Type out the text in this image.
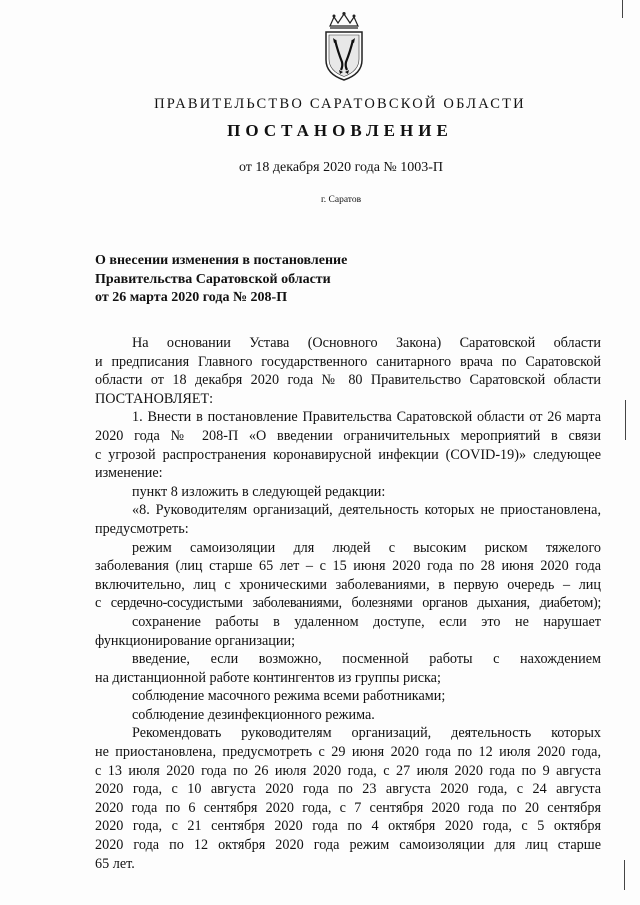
ПРАВИТЕЛЬСТВО САРАТОВСКОЙ ОБЛАСТИ
ПОСТАНОВЛЕНИЕ
от 18 декабря 2020 года № 1003-П
г. Саратов
О внесении изменения в постановление
Правительства Саратовской области
от 26 марта 2020 года № 208-П
На основании Устава (Основного Закона) Саратовской области
и предписания Главного государственного санитарного врача по Саратовской
области от 18 декабря 2020 года № 80 Правительство Саратовской области
ПОСТАНОВЛЯЕТ:
1. Внести в постановление Правительства Саратовской области от 26 марта
2020 года № 208-П «О введении ограничительных мероприятий в связи
с угрозой распространения коронавирусной инфекции (COVID-19)» следующее
изменение:
пункт 8 изложить в следующей редакции:
«8. Руководителям организаций, деятельность которых не приостановлена,
предусмотреть:
режим самоизоляции для людей с высоким риском тяжелого
заболевания (лиц старше 65 лет – с 15 июня 2020 года по 28 июня 2020 года
включительно, лиц с хроническими заболеваниями, в первую очередь – лиц
с сердечно-сосудистыми заболеваниями, болезнями органов дыхания, диабетом);
сохранение работы в удаленном доступе, если это не нарушает
функционирование организации;
введение, если возможно, посменной работы с нахождением
на дистанционной работе контингентов из группы риска;
соблюдение масочного режима всеми работниками;
соблюдение дезинфекционного режима.
Рекомендовать руководителям организаций, деятельность которых
не приостановлена, предусмотреть с 29 июня 2020 года по 12 июля 2020 года,
с 13 июля 2020 года по 26 июля 2020 года, с 27 июля 2020 года по 9 августа
2020 года, с 10 августа 2020 года по 23 августа 2020 года, с 24 августа
2020 года по 6 сентября 2020 года, с 7 сентября 2020 года по 20 сентября
2020 года, с 21 сентября 2020 года по 4 октября 2020 года, с 5 октября
2020 года по 12 октября 2020 года режим самоизоляции для лиц старше
65 лет.
